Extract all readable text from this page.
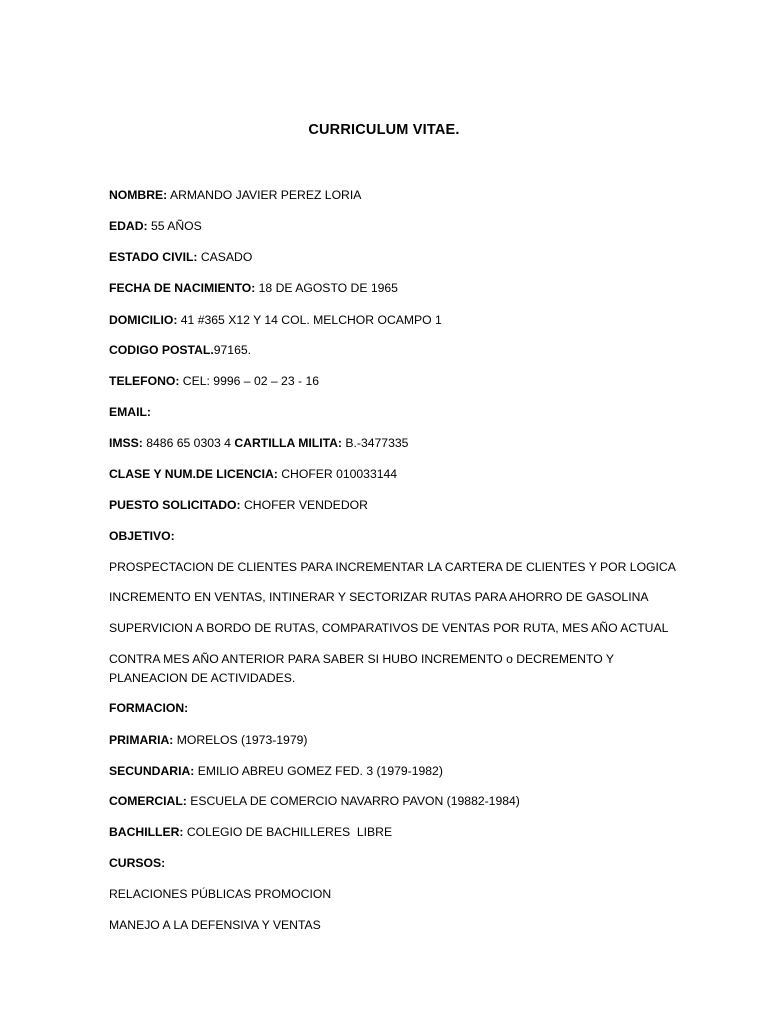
CURRICULUM VITAE.
NOMBRE: ARMANDO JAVIER PEREZ LORIA
EDAD: 55 AÑOS
ESTADO CIVIL: CASADO
FECHA DE NACIMIENTO: 18 DE AGOSTO DE 1965
DOMICILIO: 41 #365 X12 Y 14 COL. MELCHOR OCAMPO 1
CODIGO POSTAL.97165.
TELEFONO: CEL: 9996 – 02 – 23 - 16
EMAIL:
IMSS: 8486 65 0303 4 CARTILLA MILITA: B.-3477335
CLASE Y NUM.DE LICENCIA: CHOFER 010033144
PUESTO SOLICITADO: CHOFER VENDEDOR
OBJETIVO:
PROSPECTACION DE CLIENTES PARA INCREMENTAR LA CARTERA DE CLIENTES Y POR LOGICA
INCREMENTO EN VENTAS, INTINERAR Y SECTORIZAR RUTAS PARA AHORRO DE GASOLINA
SUPERVICION A BORDO DE RUTAS, COMPARATIVOS DE VENTAS POR RUTA, MES AÑO ACTUAL
CONTRA MES AÑO ANTERIOR PARA SABER SI HUBO INCREMENTO o DECREMENTO Y
PLANEACION DE ACTIVIDADES.
FORMACION:
PRIMARIA: MORELOS (1973-1979)
SECUNDARIA: EMILIO ABREU GOMEZ FED. 3 (1979-1982)
COMERCIAL: ESCUELA DE COMERCIO NAVARRO PAVON (19882-1984)
BACHILLER: COLEGIO DE BACHILLERES  LIBRE
CURSOS:
RELACIONES PÚBLICAS PROMOCION
MANEJO A LA DEFENSIVA Y VENTAS
